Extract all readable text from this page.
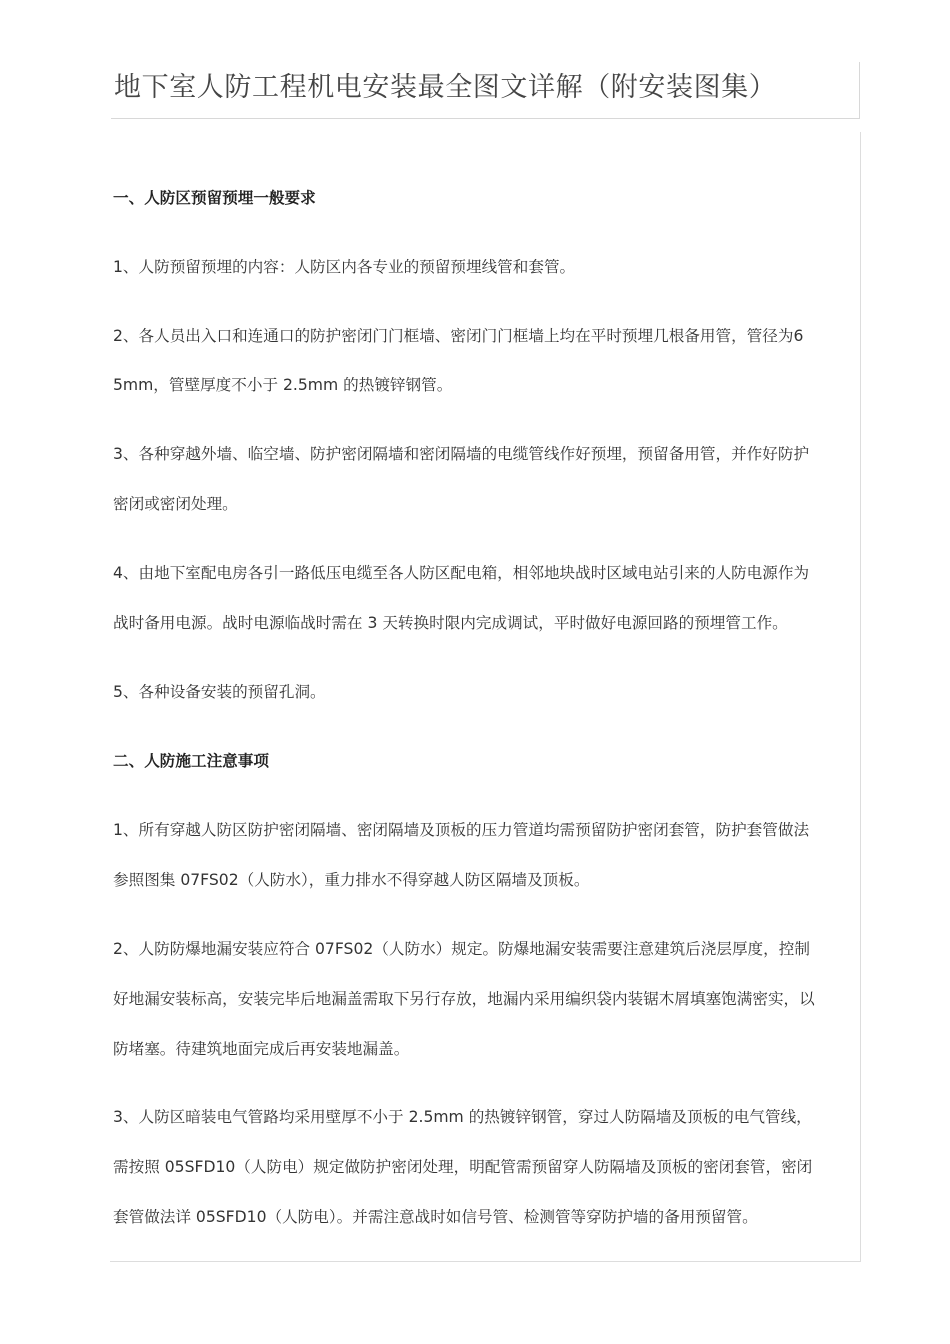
地下室人防工程机电安装最全图文详解（附安装图集）

一、人防区预留预埋一般要求

1、人防预留预埋的内容：人防区内各专业的预留预埋线管和套管。

2、各人员出入口和连通口的防护密闭门门框墙、密闭门门框墙上均在平时预埋几根备用管，管径为6

5mm，管壁厚度不小于 2.5mm 的热镀锌钢管。

3、各种穿越外墙、临空墙、防护密闭隔墙和密闭隔墙的电缆管线作好预埋，预留备用管，并作好防护

密闭或密闭处理。

4、由地下室配电房各引一路低压电缆至各人防区配电箱，相邻地块战时区域电站引来的人防电源作为

战时备用电源。战时电源临战时需在 3 天转换时限内完成调试，平时做好电源回路的预埋管工作。

5、各种设备安装的预留孔洞。

二、人防施工注意事项

1、所有穿越人防区防护密闭隔墙、密闭隔墙及顶板的压力管道均需预留防护密闭套管，防护套管做法

参照图集 07FS02（人防水），重力排水不得穿越人防区隔墙及顶板。

2、人防防爆地漏安装应符合 07FS02（人防水）规定。防爆地漏安装需要注意建筑后浇层厚度，控制

好地漏安装标高，安装完毕后地漏盖需取下另行存放，地漏内采用编织袋内装锯木屑填塞饱满密实，以

防堵塞。待建筑地面完成后再安装地漏盖。

3、人防区暗装电气管路均采用壁厚不小于 2.5mm 的热镀锌钢管，穿过人防隔墙及顶板的电气管线，

需按照 05SFD10（人防电）规定做防护密闭处理，明配管需预留穿人防隔墙及顶板的密闭套管，密闭

套管做法详 05SFD10（人防电）。并需注意战时如信号管、检测管等穿防护墙的备用预留管。
